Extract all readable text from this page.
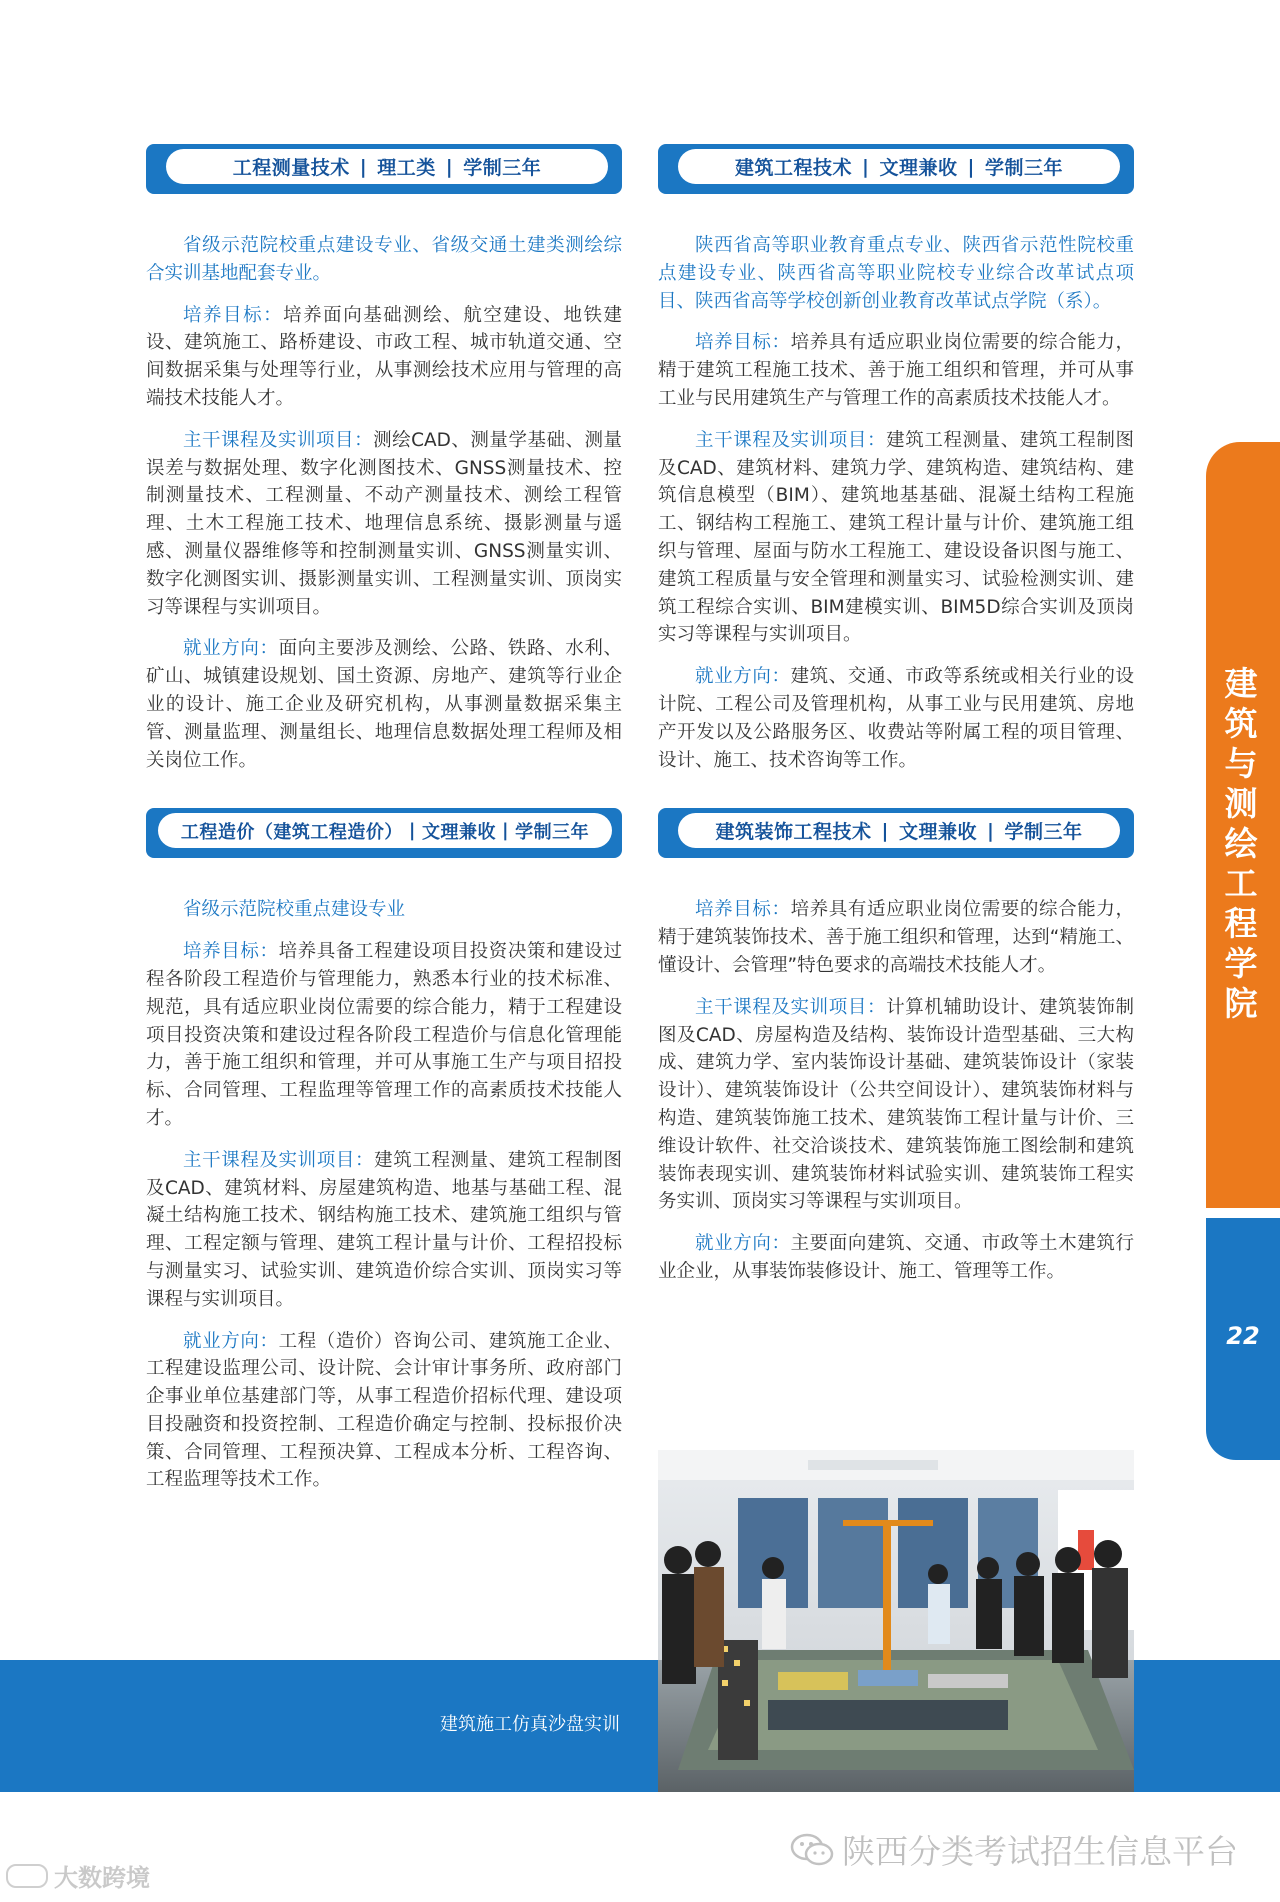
工程测量技术 | 理工类 | 学制三年

省级示范院校重点建设专业、省级交通土建类测绘综合实训基地配套专业。

培养目标：培养面向基础测绘、航空建设、地铁建设、建筑施工、路桥建设、市政工程、城市轨道交通、空间数据采集与处理等行业，从事测绘技术应用与管理的高端技术技能人才。

主干课程及实训项目：测绘CAD、测量学基础、测量误差与数据处理、数字化测图技术、GNSS测量技术、控制测量技术、工程测量、不动产测量技术、测绘工程管理、土木工程施工技术、地理信息系统、摄影测量与遥感、测量仪器维修等和控制测量实训、GNSS测量实训、数字化测图实训、摄影测量实训、工程测量实训、顶岗实习等课程与实训项目。

就业方向：面向主要涉及测绘、公路、铁路、水利、矿山、城镇建设规划、国土资源、房地产、建筑等行业企业的设计、施工企业及研究机构，从事测量数据采集主管、测量监理、测量组长、地理信息数据处理工程师及相关岗位工作。

工程造价（建筑工程造价） | 文理兼收 | 学制三年

省级示范院校重点建设专业

培养目标：培养具备工程建设项目投资决策和建设过程各阶段工程造价与管理能力，熟悉本行业的技术标准、规范，具有适应职业岗位需要的综合能力，精于工程建设项目投资决策和建设过程各阶段工程造价与信息化管理能力，善于施工组织和管理，并可从事施工生产与项目招投标、合同管理、工程监理等管理工作的高素质技术技能人才。

主干课程及实训项目：建筑工程测量、建筑工程制图及CAD、建筑材料、房屋建筑构造、地基与基础工程、混凝土结构施工技术、钢结构施工技术、建筑施工组织与管理、工程定额与管理、建筑工程计量与计价、工程招投标与测量实习、试验实训、建筑造价综合实训、顶岗实习等课程与实训项目。

就业方向：工程（造价）咨询公司、建筑施工企业、工程建设监理公司、设计院、会计审计事务所、政府部门企事业单位基建部门等，从事工程造价招标代理、建设项目投融资和投资控制、工程造价确定与控制、投标报价决策、合同管理、工程预决算、工程成本分析、工程咨询、工程监理等技术工作。

建筑工程技术 | 文理兼收 | 学制三年

陕西省高等职业教育重点专业、陕西省示范性院校重点建设专业、陕西省高等职业院校专业综合改革试点项目、陕西省高等学校创新创业教育改革试点学院（系）。

培养目标：培养具有适应职业岗位需要的综合能力，精于建筑工程施工技术、善于施工组织和管理，并可从事工业与民用建筑生产与管理工作的高素质技术技能人才。

主干课程及实训项目：建筑工程测量、建筑工程制图及CAD、建筑材料、建筑力学、建筑构造、建筑结构、建筑信息模型（BIM）、建筑地基基础、混凝土结构工程施工、钢结构工程施工、建筑工程计量与计价、建筑施工组织与管理、屋面与防水工程施工、建设设备识图与施工、建筑工程质量与安全管理和测量实习、试验检测实训、建筑工程综合实训、BIM建模实训、BIM5D综合实训及顶岗实习等课程与实训项目。

就业方向：建筑、交通、市政等系统或相关行业的设计院、工程公司及管理机构，从事工业与民用建筑、房地产开发以及公路服务区、收费站等附属工程的项目管理、设计、施工、技术咨询等工作。

建筑装饰工程技术 | 文理兼收 | 学制三年

培养目标：培养具有适应职业岗位需要的综合能力，精于建筑装饰技术、善于施工组织和管理，达到“精施工、懂设计、会管理”特色要求的高端技术技能人才。

主干课程及实训项目：计算机辅助设计、建筑装饰制图及CAD、房屋构造及结构、装饰设计造型基础、三大构成、建筑力学、室内装饰设计基础、建筑装饰设计（家装设计）、建筑装饰设计（公共空间设计）、建筑装饰材料与构造、建筑装饰施工技术、建筑装饰工程计量与计价、三维设计软件、社交洽谈技术、建筑装饰施工图绘制和建筑装饰表现实训、建筑装饰材料试验实训、建筑装饰工程实务实训、顶岗实习等课程与实训项目。

就业方向：主要面向建筑、交通、市政等土木建筑行业企业，从事装饰装修设计、施工、管理等工作。

建筑与测绘工程学院
22
建筑施工仿真沙盘实训
大数跨境
陕西分类考试招生信息平台
